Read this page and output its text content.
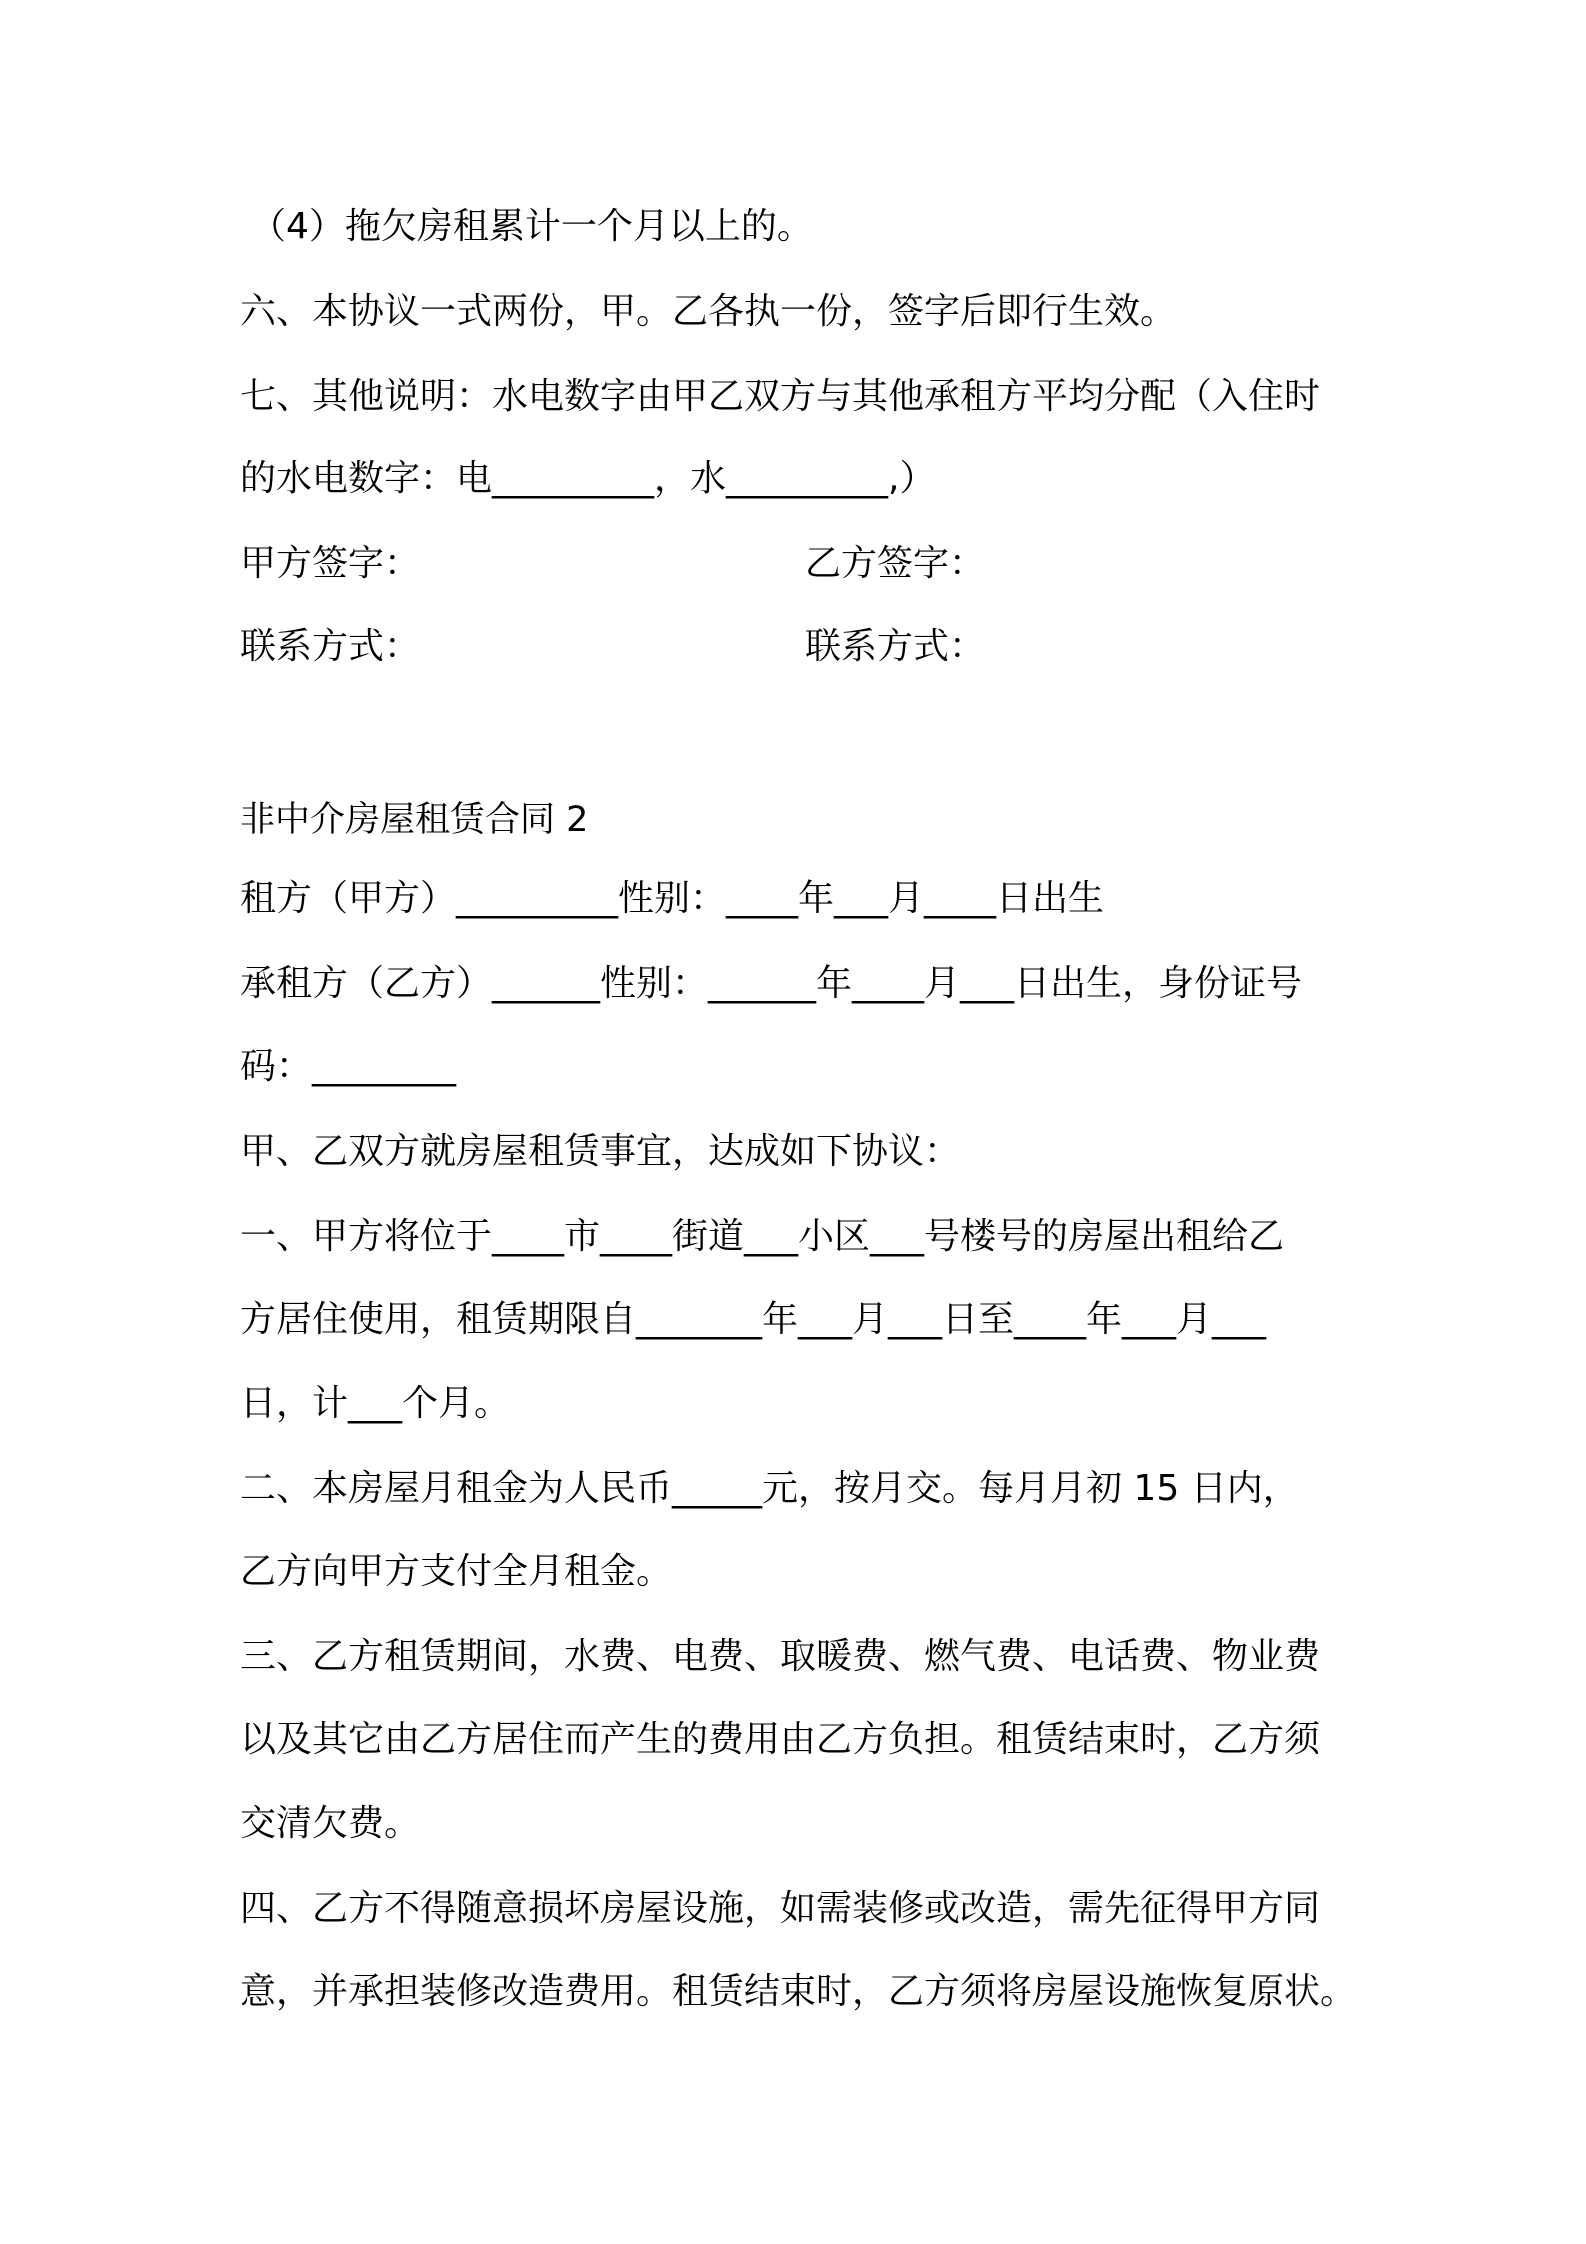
（4）拖欠房租累计一个月以上的。
六、本协议一式两份，甲。乙各执一份，签字后即行生效。
七、其他说明：水电数字由甲乙双方与其他承租方平均分配（入住时
的水电数字：电_________，水_________,）
甲方签字：	乙方签字：
联系方式：	联系方式：
非中介房屋租赁合同 2
租方（甲方）_________性别：____年___月____日出生
承租方（乙方）______性别：______年____月___日出生，身份证号
码：________
甲、乙双方就房屋租赁事宜，达成如下协议：
一、甲方将位于____市____街道___小区___号楼号的房屋出租给乙
方居住使用，租赁期限自_______年___月___日至____年___月___
日，计___个月。
二、本房屋月租金为人民币_____元，按月交。每月月初 15 日内，
乙方向甲方支付全月租金。
三、乙方租赁期间，水费、电费、取暖费、燃气费、电话费、物业费
以及其它由乙方居住而产生的费用由乙方负担。租赁结束时，乙方须
交清欠费。
四、乙方不得随意损坏房屋设施，如需装修或改造，需先征得甲方同
意，并承担装修改造费用。租赁结束时，乙方须将房屋设施恢复原状。
